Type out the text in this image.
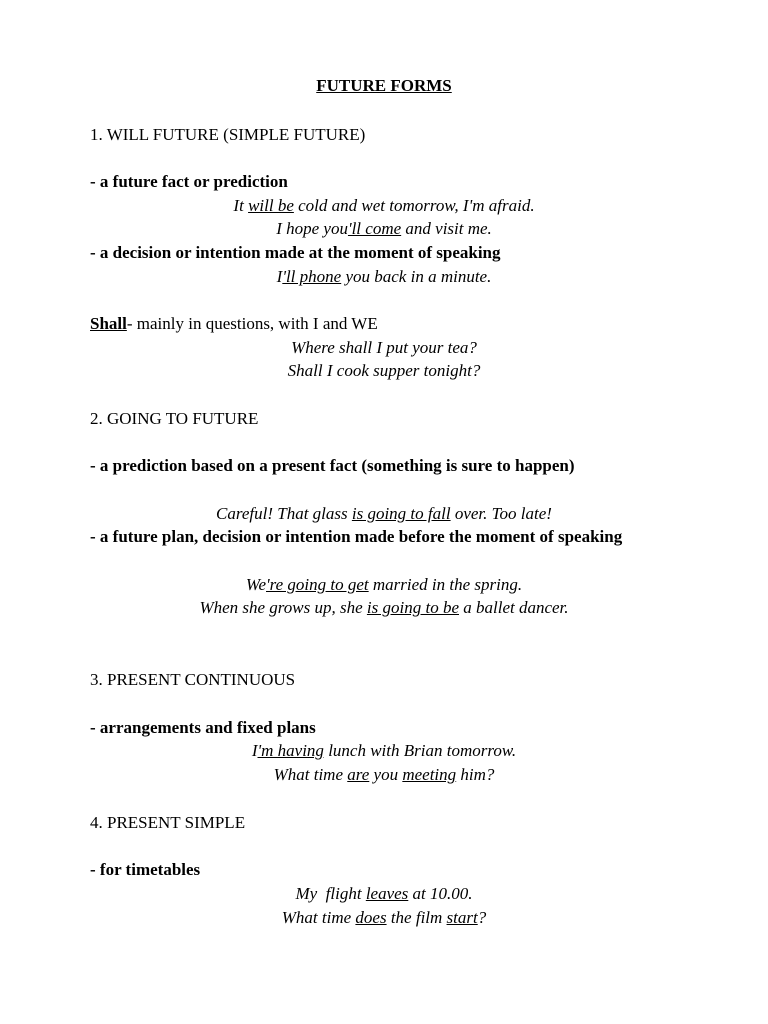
FUTURE FORMS
1. WILL FUTURE (SIMPLE FUTURE)
- a future fact or prediction
It will be cold and wet tomorrow, I'm afraid.
I hope you'll come and visit me.
- a decision or intention made at the moment of speaking
I'll phone you back in a minute.
Shall- mainly in questions, with I and WE
Where shall I put your tea?
Shall I cook supper tonight?
2. GOING TO FUTURE
- a prediction based on a present fact (something is sure to happen)
Careful! That glass is going to fall over. Too late!
- a future plan, decision or intention made before the moment of speaking
We're going to get married in the spring.
When she grows up, she is going to be a ballet dancer.
3. PRESENT CONTINUOUS
- arrangements and fixed plans
I'm having lunch with Brian tomorrow.
What time are you meeting him?
4. PRESENT SIMPLE
- for timetables
My  flight leaves at 10.00.
What time does the film start?
